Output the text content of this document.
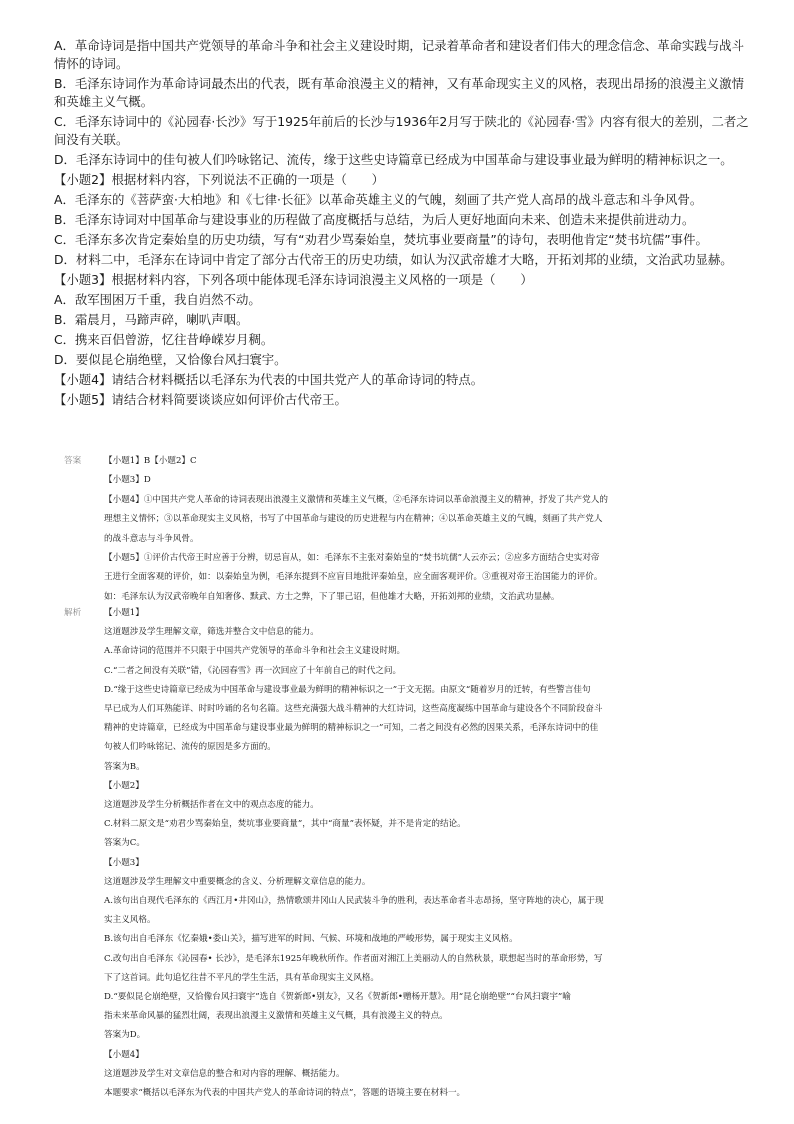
A．革命诗词是指中国共产党领导的革命斗争和社会主义建设时期，记录着革命者和建设者们伟大的理念信念、革命实践与战斗情怀的诗词。

B．毛泽东诗词作为革命诗词最杰出的代表，既有革命浪漫主义的精神，又有革命现实主义的风格，表现出昂扬的浪漫主义激情和英雄主义气概。

C．毛泽东诗词中的《沁园春·长沙》写于1925年前后的长沙与1936年2月写于陕北的《沁园春·雪》内容有很大的差别，二者之间没有关联。

D．毛泽东诗词中的佳句被人们吟咏铭记、流传，缘于这些史诗篇章已经成为中国革命与建设事业最为鲜明的精神标识之一。

【小题2】根据材料内容，下列说法不正确的一项是（　　）

A．毛泽东的《菩萨蛮·大柏地》和《七律·长征》以革命英雄主义的气魄，刻画了共产党人高昂的战斗意志和斗争风骨。

B．毛泽东诗词对中国革命与建设事业的历程做了高度概括与总结，为后人更好地面向未来、创造未来提供前进动力。

C．毛泽东多次肯定秦始皇的历史功绩，写有“劝君少骂秦始皇，焚坑事业要商量”的诗句，表明他肯定“焚书坑儒”事件。

D．材料二中，毛泽东在诗词中肯定了部分古代帝王的历史功绩，如认为汉武帝雄才大略，开拓刘邦的业绩，文治武功显赫。

【小题3】根据材料内容，下列各项中能体现毛泽东诗词浪漫主义风格的一项是（　　）

A．敌军围困万千重，我自岿然不动。

B．霜晨月，马蹄声碎，喇叭声咽。

C．携来百侣曾游，忆往昔峥嵘岁月稠。

D．要似昆仑崩绝壁，又恰像台风扫寰宇。

【小题4】请结合材料概括以毛泽东为代表的中国共党产人的革命诗词的特点。

【小题5】请结合材料简要谈谈应如何评价古代帝王。

答案	【小题1】B【小题2】C

【小题3】D

【小题4】①中国共产党人革命的诗词表现出浪漫主义激情和英雄主义气概，②毛泽东诗词以革命浪漫主义的精神，抒发了共产党人的

理想主义情怀；③以革命现实主义风格，书写了中国革命与建设的历史进程与内在精神；④以革命英雄主义的气魄，刻画了共产党人

的战斗意志与斗争风骨。

【小题5】①评价古代帝王时应善于分辨，切忌盲从，如：毛泽东不主张对秦始皇的“焚书坑儒”人云亦云；②应多方面结合史实对帝

王进行全面客观的评价，如：以秦始皇为例，毛泽东提到不应盲目地批评秦始皇，应全面客观评价。③重视对帝王治国能力的评价。

如：毛泽东认为汉武帝晚年自知奢侈、黩武、方士之弊，下了罪己诏，但他雄才大略，开拓刘邦的业绩，文治武功显赫。

解析	【小题1】

这道题涉及学生理解文章，筛选并整合文中信息的能力。

A.革命诗词的范围并不只限于中国共产党领导的革命斗争和社会主义建设时期。

C.“二者之间没有关联”错，《沁园春雪》再一次回应了十年前自己的时代之问。

D.“缘于这些史诗篇章已经成为中国革命与建设事业最为鲜明的精神标识之一”于文无据。由原文“随着岁月的迁转，有些警言佳句

早已成为人们耳熟能详、时时吟诵的名句名篇。这些充满强大战斗精神的大红诗词，这些高度凝练中国革命与建设各个不同阶段奋斗

精神的史诗篇章，已经成为中国革命与建设事业最为鲜明的精神标识之一”可知，二者之间没有必然的因果关系，毛泽东诗词中的佳

句被人们吟咏铭记、流传的原因是多方面的。

答案为B。

【小题2】

这道题涉及学生分析概括作者在文中的观点态度的能力。

C.材料二原文是“劝君少骂秦始皇，焚坑事业要商量”，其中“商量”表怀疑，并不是肯定的结论。

答案为C。

【小题3】

这道题涉及学生理解文中重要概念的含义、分析理解文章信息的能力。

A.该句出自现代毛泽东的《西江月•井冈山》，热情歌颂井冈山人民武装斗争的胜利，表达革命者斗志昂扬，坚守阵地的决心，属于现

实主义风格。

B.该句出自毛泽东《忆秦娥•娄山关》，描写进军的时间、气候、环境和战地的严峻形势，属于现实主义风格。

C.改句出自毛泽东《沁园春• 长沙》，是毛泽东1925年晚秋所作。作者面对湘江上美丽动人的自然秋景，联想起当时的革命形势，写

下了这首词。此句追忆往昔不平凡的学生生活，具有革命现实主义风格。

D.“要似昆仑崩绝壁，又恰像台风扫寰宇”选自《贺新郎•别友》，又名《贺新郎•赠杨开慧》。用“昆仑崩绝壁”“台风扫寰宇”喻

指未来革命风暴的猛烈壮阔，表现出浪漫主义激情和英雄主义气概，具有浪漫主义的特点。

答案为D。

【小题4】

这道题涉及学生对文章信息的整合和对内容的理解、概括能力。

本题要求“概括以毛泽东为代表的中国共产党人的革命诗词的特点”，答题的语境主要在材料一。
